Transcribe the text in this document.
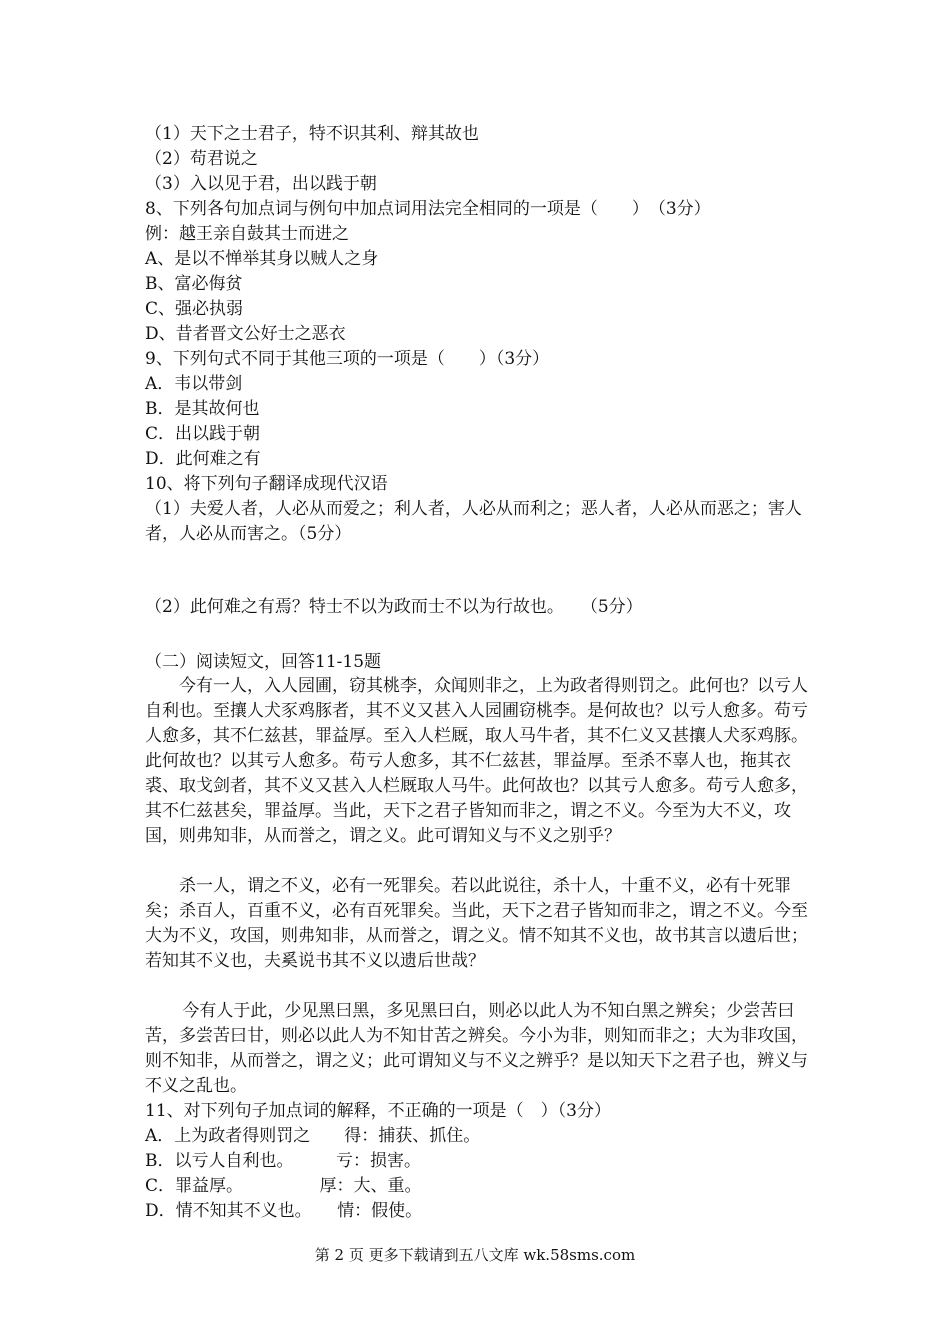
（1）天下之士君子，特不识其利、辩其故也
（2）苟君说之
（3）入以见于君，出以践于朝
8、下列各句加点词与例句中加点词用法完全相同的一项是（　　）　（3分）
例：越王亲自鼓其士而进之
A、是以不惮举其身以贼人之身
B、富必侮贫
C、强必执弱
D、昔者晋文公好士之恶衣
9、下列句式不同于其他三项的一项是（　　）（3分）
A．韦以带剑
B．是其故何也
C．出以践于朝
D．此何难之有
10、将下列句子翻译成现代汉语
（1）夫爱人者，人必从而爱之；利人者，人必从而利之；恶人者，人必从而恶之；害人者，人必从而害之。（5分）
（2）此何难之有焉？特士不以为政而士不以为行故也。　　（5分）
（二）阅读短文，回答11-15题
今有一人，入人园圃，窃其桃李，众闻则非之，上为政者得则罚之。此何也？以亏人自利也。至攘人犬豕鸡豚者，其不义又甚入人园圃窃桃李。是何故也？以亏人愈多。苟亏人愈多，其不仁兹甚，罪益厚。至入人栏厩，取人马牛者，其不仁义又甚攘人犬豕鸡豚。此何故也？以其亏人愈多。苟亏人愈多，其不仁兹甚，罪益厚。至杀不辜人也，拖其衣裘、取戈剑者，其不义又甚入人栏厩取人马牛。此何故也？以其亏人愈多。苟亏人愈多，其不仁兹甚矣，罪益厚。当此，天下之君子皆知而非之，谓之不义。今至为大不义，攻国，则弗知非，从而誉之，谓之义。此可谓知义与不义之别乎？
杀一人，谓之不义，必有一死罪矣。若以此说往，杀十人，十重不义，必有十死罪矣；杀百人，百重不义，必有百死罪矣。当此，天下之君子皆知而非之，谓之不义。今至大为不义，攻国，则弗知非，从而誉之，谓之义。情不知其不义也，故书其言以遗后世；若知其不义也，夫奚说书其不义以遗后世哉？
今有人于此，少见黑曰黑，多见黑曰白，则必以此人为不知白黑之辨矣；少尝苦曰苦，多尝苦曰甘，则必以此人为不知甘苦之辨矣。今小为非，则知而非之；大为非攻国，则不知非，从而誉之，谓之义；此可谓知义与不义之辨乎？是以知天下之君子也，辨义与不义之乱也。
11、对下列句子加点词的解释，不正确的一项是（　）（3分）
A．上为政者得则罚之　　得：捕获、抓住。
B．以亏人自利也。　　　亏：损害。
C．罪益厚。　　　　　厚：大、重。
D．情不知其不义也。　　情：假使。
第 2 页 更多下载请到五八文库 wk.58sms.com
